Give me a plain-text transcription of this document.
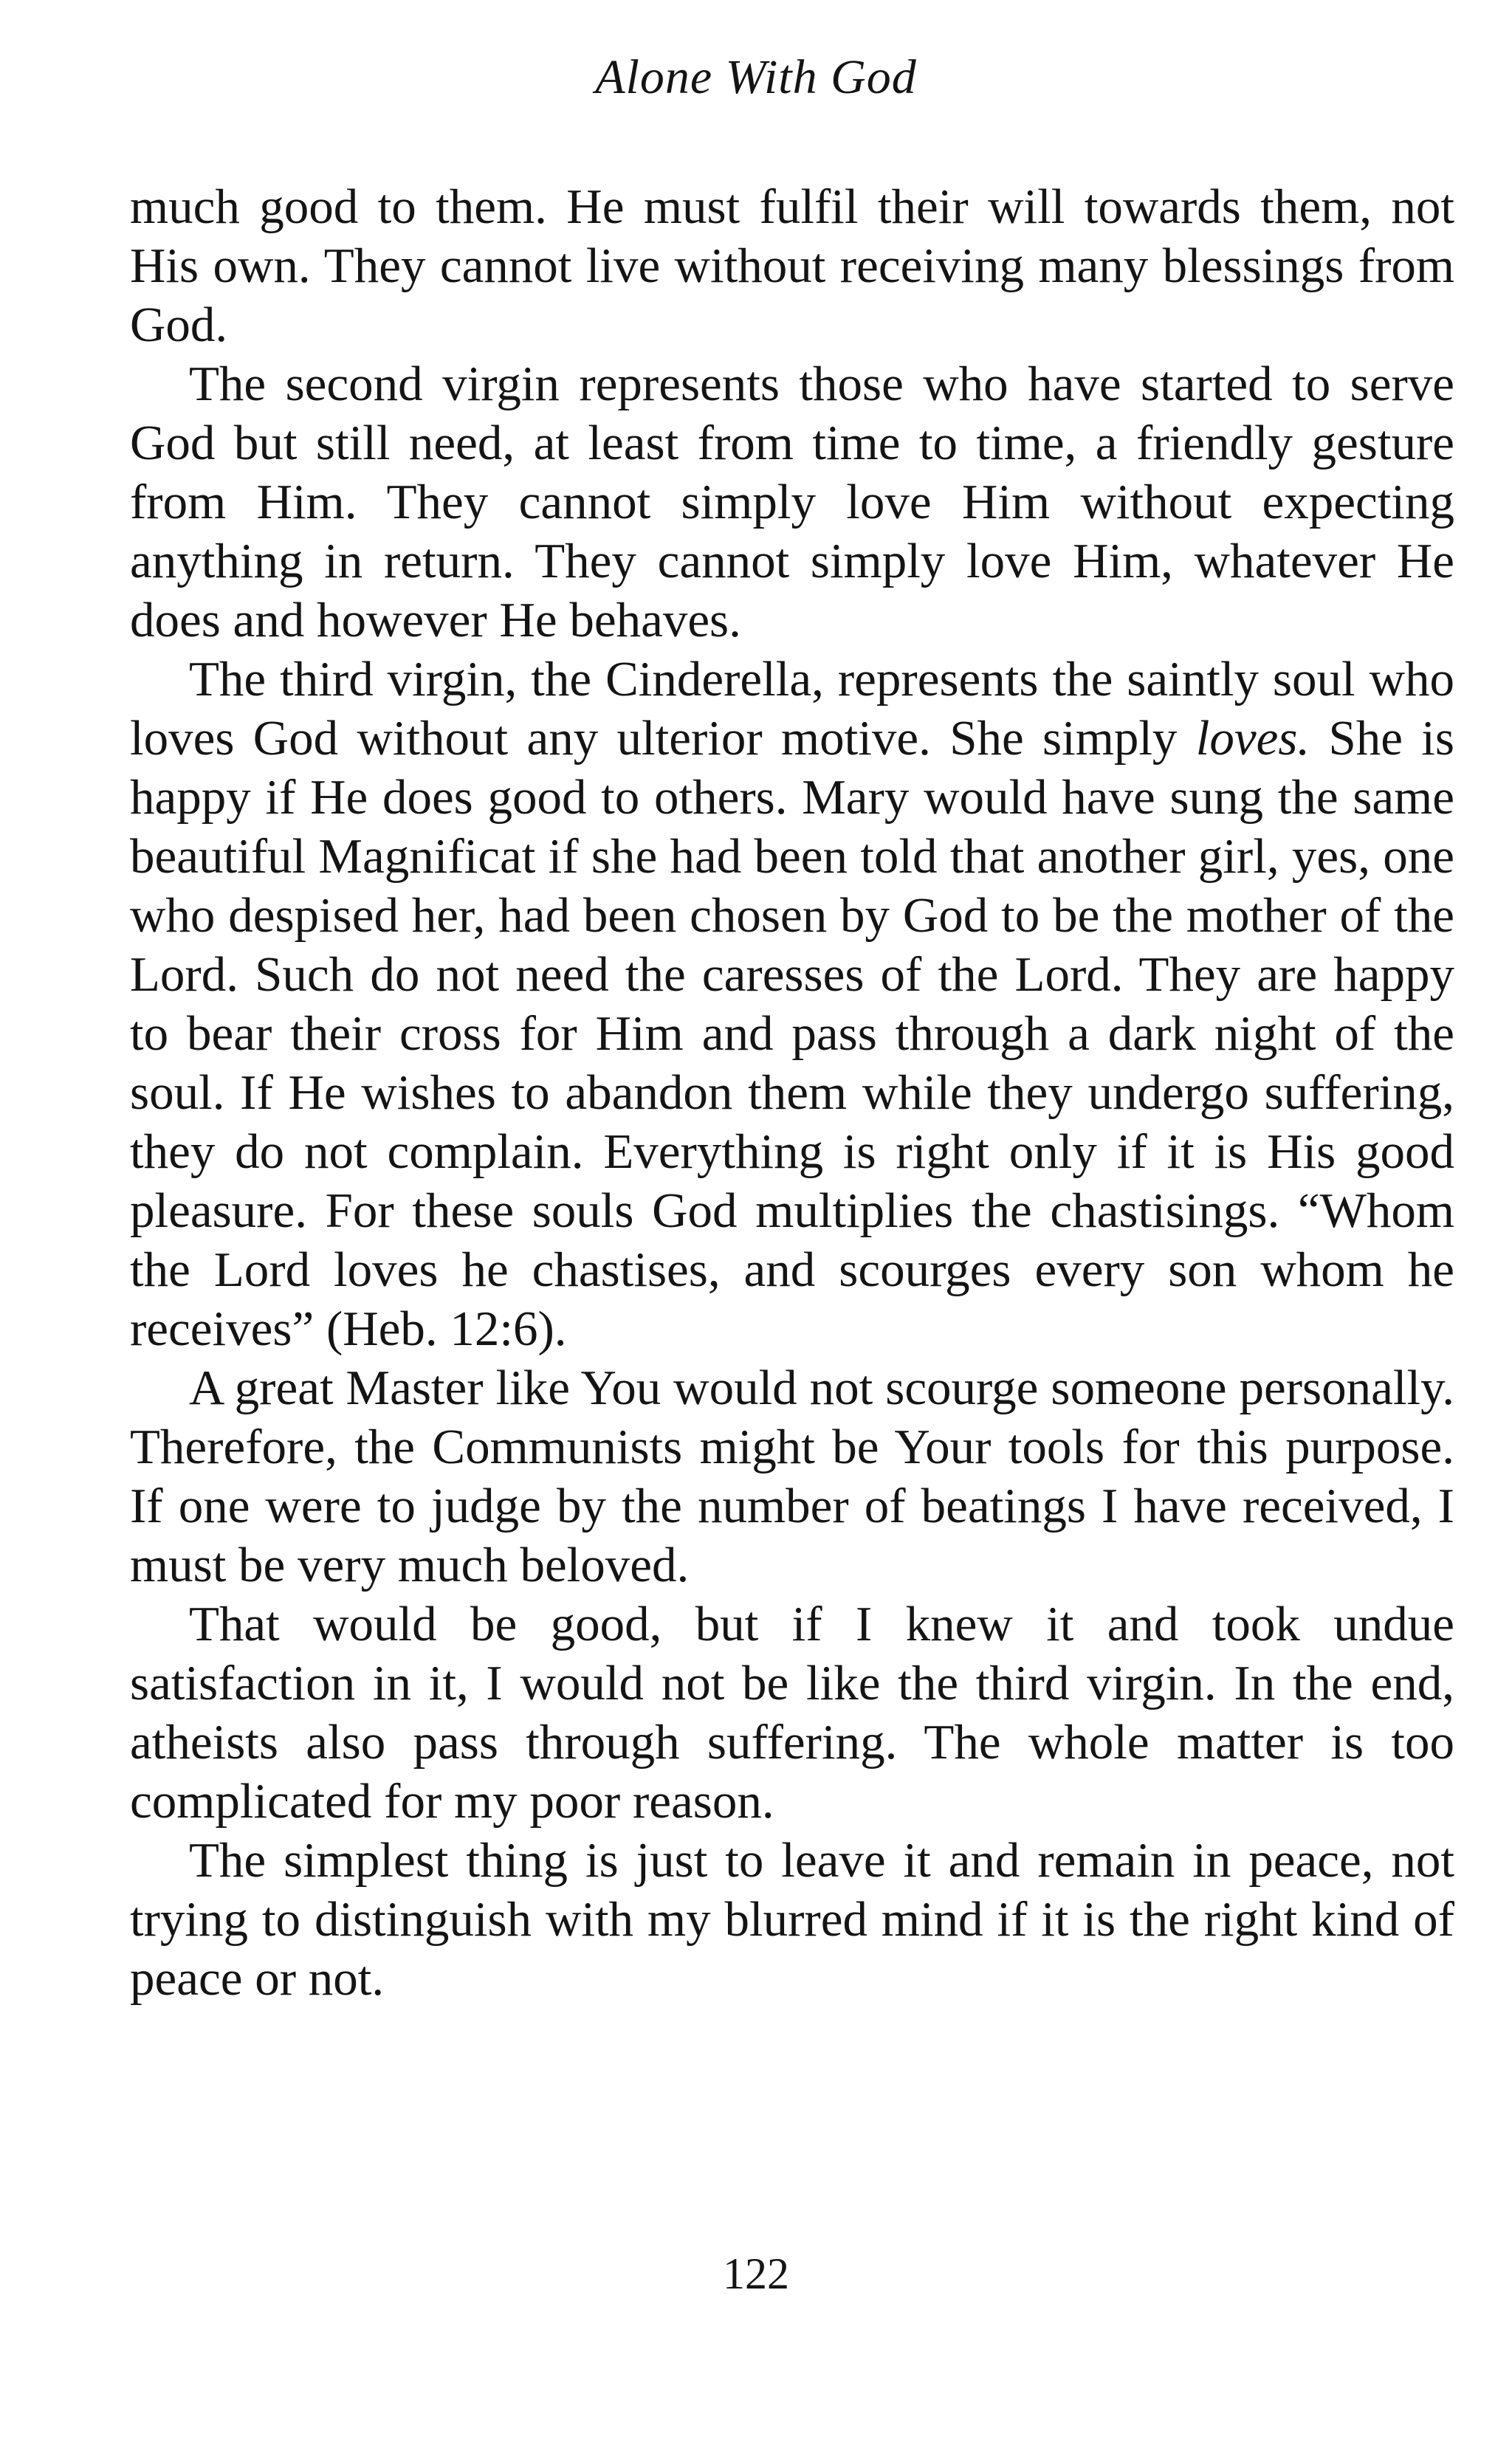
Alone With God

much good to them. He must fulfil their will towards them, not His own. They cannot live without receiving many blessings from God.

The second virgin represents those who have started to serve God but still need, at least from time to time, a friendly gesture from Him. They cannot simply love Him without expecting anything in return. They cannot simply love Him, whatever He does and however He behaves.

The third virgin, the Cinderella, represents the saintly soul who loves God without any ulterior motive. She simply loves. She is happy if He does good to others. Mary would have sung the same beautiful Magnificat if she had been told that another girl, yes, one who despised her, had been chosen by God to be the mother of the Lord. Such do not need the caresses of the Lord. They are happy to bear their cross for Him and pass through a dark night of the soul. If He wishes to abandon them while they undergo suffering, they do not complain. Everything is right only if it is His good pleasure. For these souls God multiplies the chastisings. “Whom the Lord loves he chastises, and scourges every son whom he receives” (Heb. 12:6).

A great Master like You would not scourge someone personally. Therefore, the Communists might be Your tools for this purpose. If one were to judge by the number of beatings I have received, I must be very much beloved.

That would be good, but if I knew it and took undue satisfaction in it, I would not be like the third virgin. In the end, atheists also pass through suffering. The whole matter is too complicated for my poor reason.

The simplest thing is just to leave it and remain in peace, not trying to distinguish with my blurred mind if it is the right kind of peace or not.

122
